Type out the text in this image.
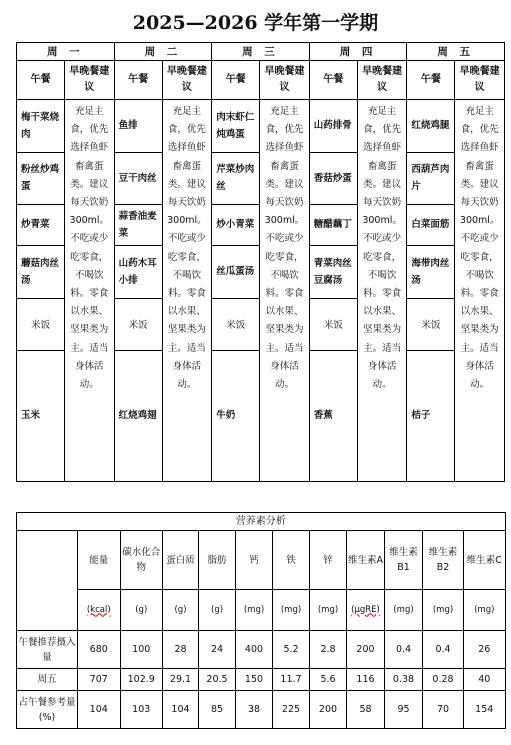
2025—2026 学年第一学期
周 一		周 二		周 三		周 四		周 五	
午餐	早晚餐建议	午餐	早晚餐建议	午餐	早晚餐建议	午餐	早晚餐建议	午餐	早晚餐建议
梅干菜烧肉	充足主食，优先选择鱼虾畜禽蛋类。建议每天饮奶300ml。不吃或少吃零食，不喝饮料。零食以水果、坚果类为主。适当身体活动。	鱼排	充足主食，优先选择鱼虾畜禽蛋类。建议每天饮奶300ml。不吃或少吃零食，不喝饮料。零食以水果、坚果类为主。适当身体活动。	肉末虾仁炖鸡蛋	充足主食，优先选择鱼虾畜禽蛋类。建议每天饮奶300ml。不吃或少吃零食，不喝饮料。零食以水果、坚果类为主。适当身体活动。	山药排骨	充足主食，优先选择鱼虾畜禽蛋类。建议每天饮奶300ml。不吃或少吃零食，不喝饮料。零食以水果、坚果类为主。适当身体活动。	红烧鸡腿	充足主食，优先选择鱼虾畜禽蛋类。建议每天饮奶300ml。不吃或少吃零食，不喝饮料。零食以水果、坚果类为主。适当身体活动。
粉丝炒鸡蛋		豆干肉丝		芹菜炒肉丝		香菇炒蛋		西葫芦肉片	
炒青菜		蒜香油麦菜		炒小青菜		糖醋藕丁		白菜面筋	
蘑菇肉丝汤		山药木耳小排		丝瓜蛋汤		青菜肉丝豆腐汤		海带肉丝汤	
米饭		米饭		米饭		米饭		米饭	
玉米		红烧鸡翅		牛奶		香蕉		桔子	
营养素分析											
	能量	碳水化合物	蛋白质	脂肪	钙	铁	锌	维生素A	维生素B1	维生素B2	维生素C
	(kcal)	(g)	(g)	(g)	(mg)	(mg)	(mg)	(μgRE)	(mg)	(mg)	(mg)
午餐推荐摄入量	680	100	28	24	400	5.2	2.8	200	0.4	0.4	26
周五	707	102.9	29.1	20.5	150	11.7	5.6	116	0.38	0.28	40
占午餐参考量(%)	104	103	104	85	38	225	200	58	95	70	154
